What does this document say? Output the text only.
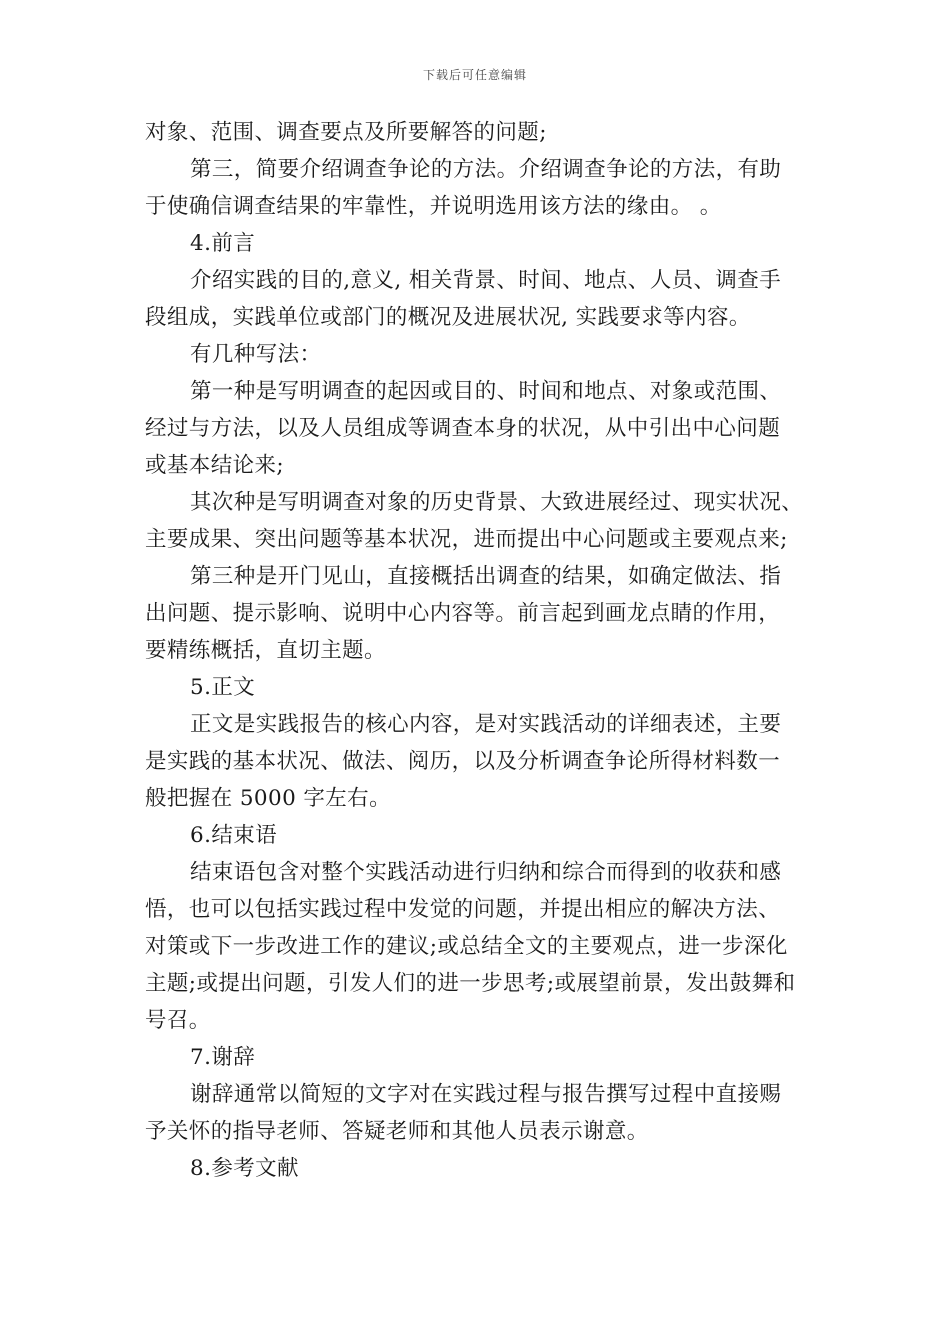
下载后可任意编辑
对象、范围、调查要点及所要解答的问题;
第三，简要介绍调查争论的方法。介绍调查争论的方法，有助
于使确信调查结果的牢靠性，并说明选用该方法的缘由。 。
4.前言
介绍实践的目的,意义, 相关背景、时间、地点、人员、调查手
段组成，实践单位或部门的概况及进展状况, 实践要求等内容。
有几种写法：
第一种是写明调查的起因或目的、时间和地点、对象或范围、
经过与方法，以及人员组成等调查本身的状况，从中引出中心问题
或基本结论来;
其次种是写明调查对象的历史背景、大致进展经过、现实状况、
主要成果、突出问题等基本状况，进而提出中心问题或主要观点来;
第三种是开门见山，直接概括出调查的结果，如确定做法、指
出问题、提示影响、说明中心内容等。前言起到画龙点睛的作用，
要精练概括，直切主题。
5.正文
正文是实践报告的核心内容，是对实践活动的详细表述，主要
是实践的基本状况、做法、阅历，以及分析调查争论所得材料数一
般把握在 5000 字左右。
6.结束语
结束语包含对整个实践活动进行归纳和综合而得到的收获和感
悟，也可以包括实践过程中发觉的问题，并提出相应的解决方法、
对策或下一步改进工作的建议;或总结全文的主要观点，进一步深化
主题;或提出问题，引发人们的进一步思考;或展望前景，发出鼓舞和
号召。
7.谢辞
谢辞通常以简短的文字对在实践过程与报告撰写过程中直接赐
予关怀的指导老师、答疑老师和其他人员表示谢意。
8.参考文献
